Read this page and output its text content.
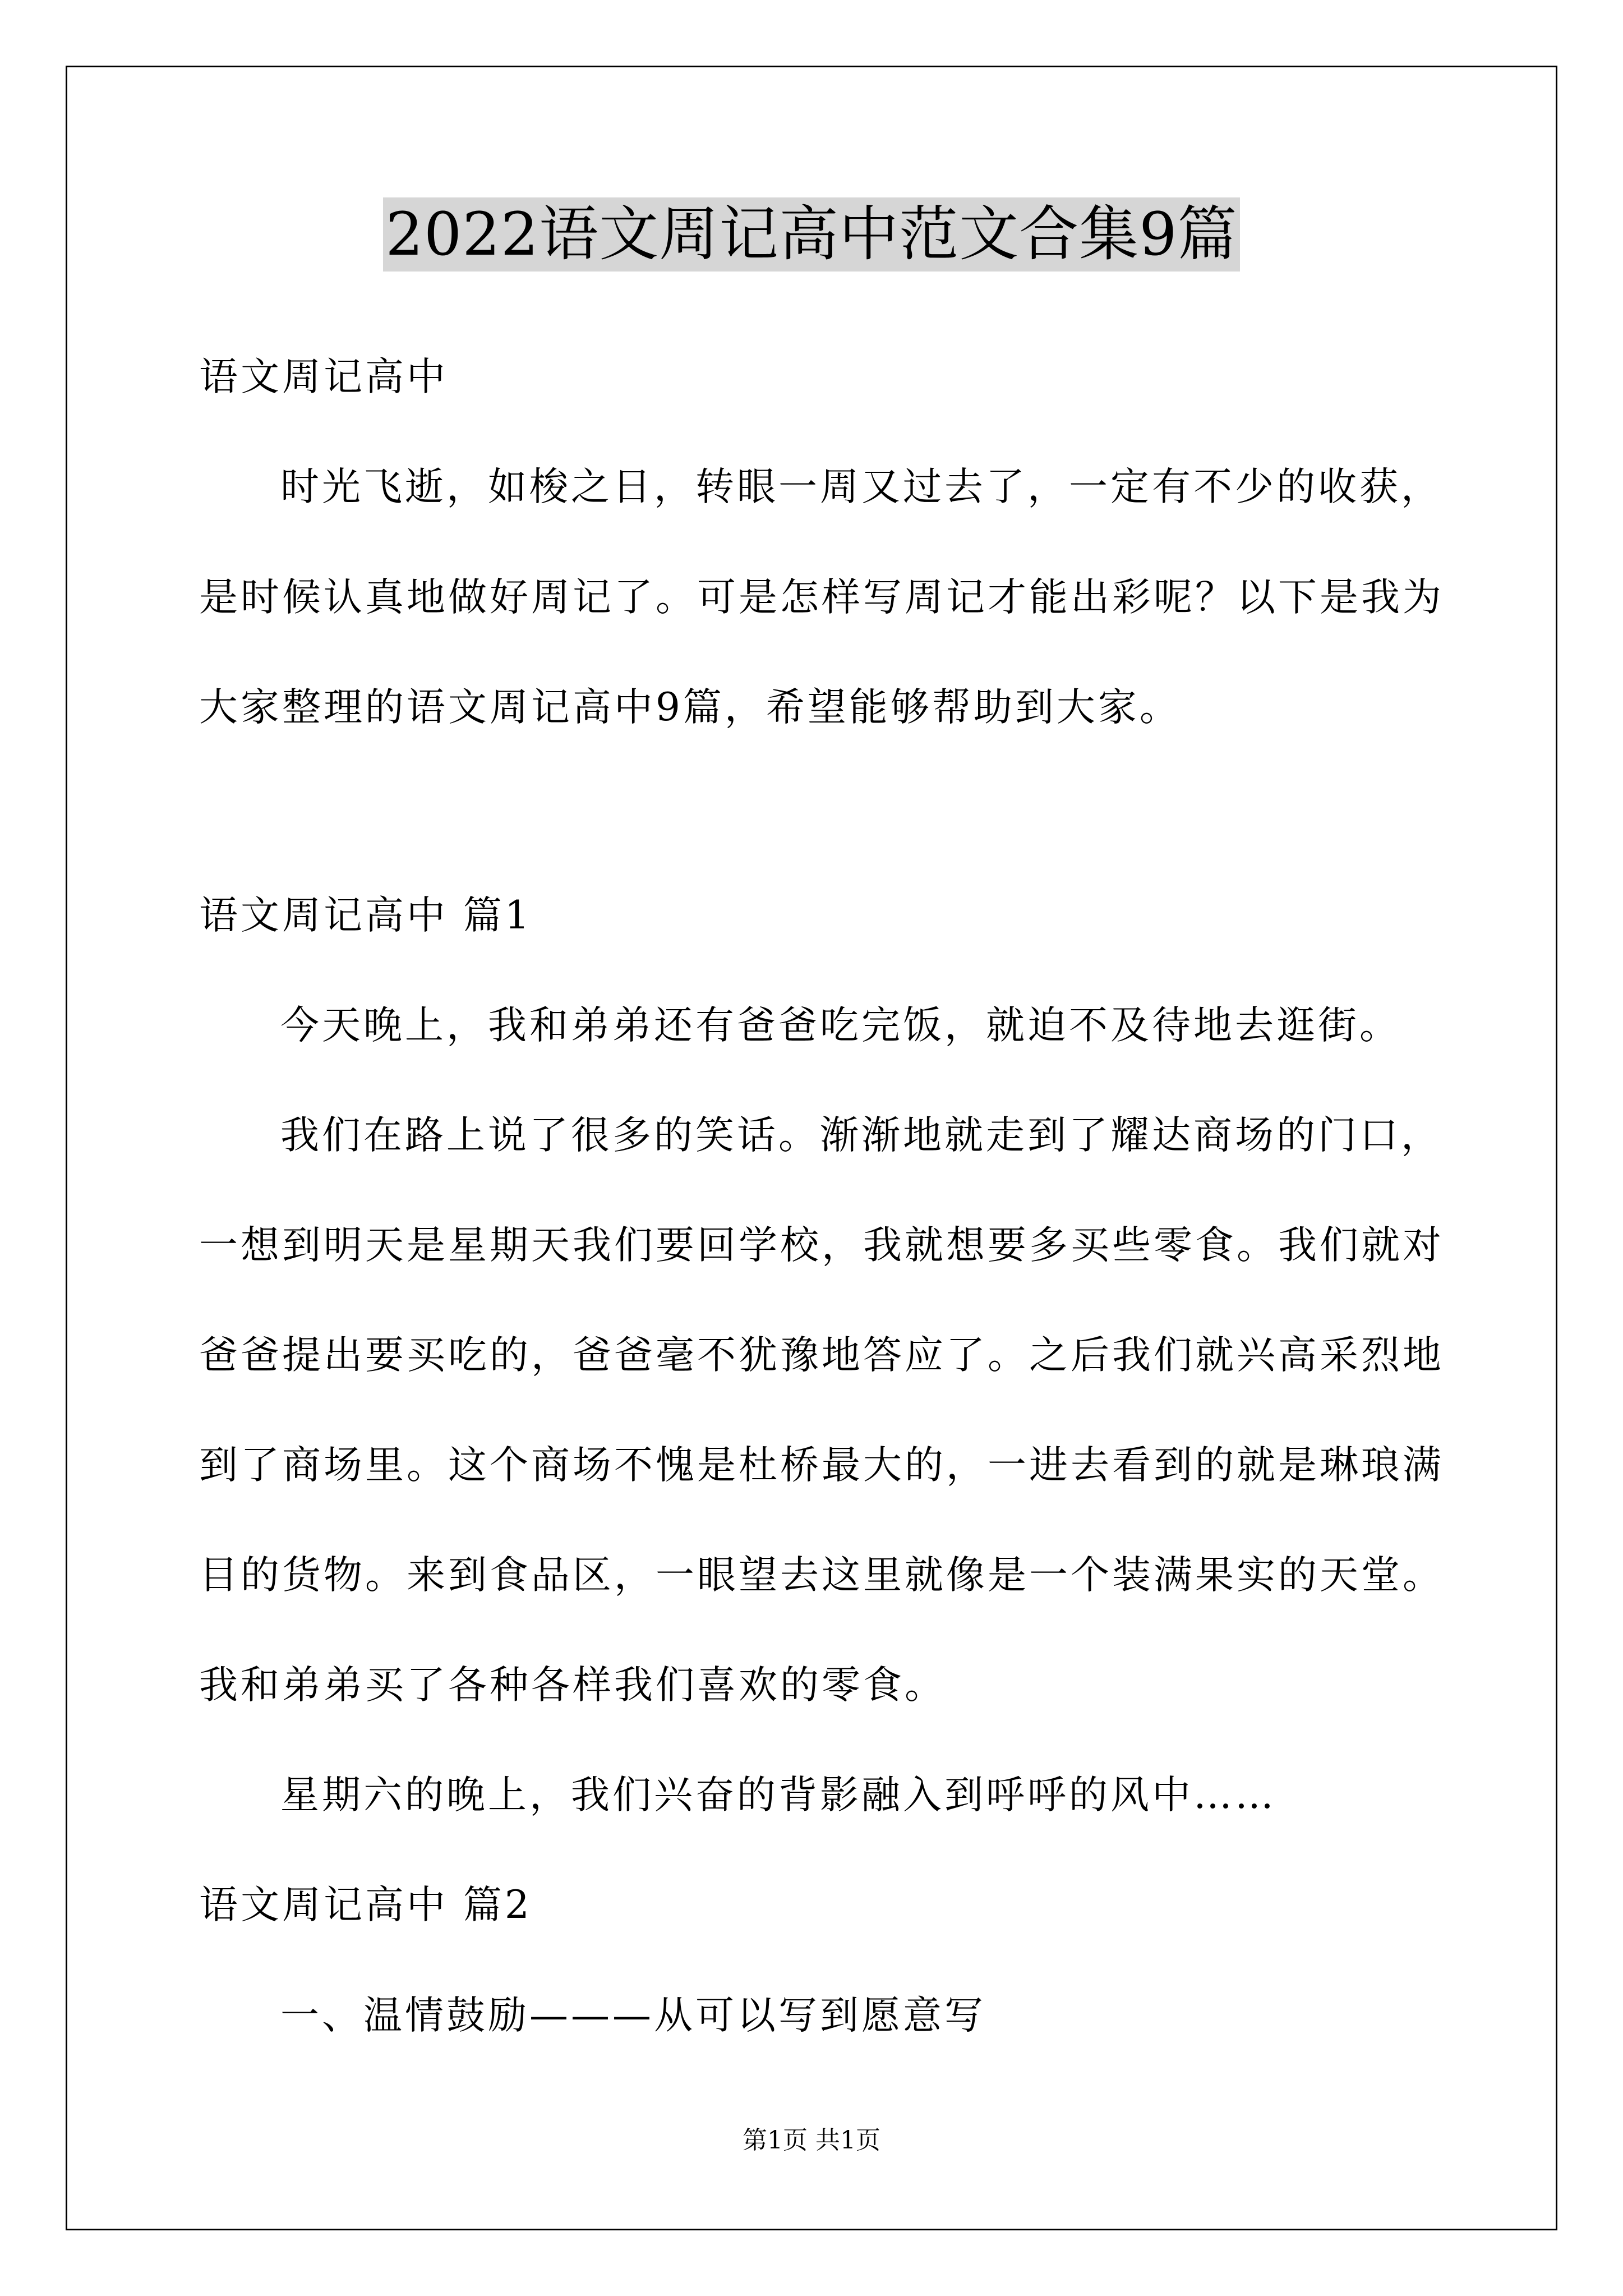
2022语文周记高中范文合集9篇
语文周记高中
时光飞逝，如梭之日，转眼一周又过去了，一定有不少的收获，
是时候认真地做好周记了。可是怎样写周记才能出彩呢？以下是我为
大家整理的语文周记高中9篇，希望能够帮助到大家。
语文周记高中 篇1
今天晚上，我和弟弟还有爸爸吃完饭，就迫不及待地去逛街。
我们在路上说了很多的笑话。渐渐地就走到了耀达商场的门口，
一想到明天是星期天我们要回学校，我就想要多买些零食。我们就对
爸爸提出要买吃的，爸爸毫不犹豫地答应了。之后我们就兴高采烈地
到了商场里。这个商场不愧是杜桥最大的，一进去看到的就是琳琅满
目的货物。来到食品区，一眼望去这里就像是一个装满果实的天堂。
我和弟弟买了各种各样我们喜欢的零食。
星期六的晚上，我们兴奋的背影融入到呼呼的风中……
语文周记高中 篇2
一、温情鼓励———从可以写到愿意写
第1页 共1页
